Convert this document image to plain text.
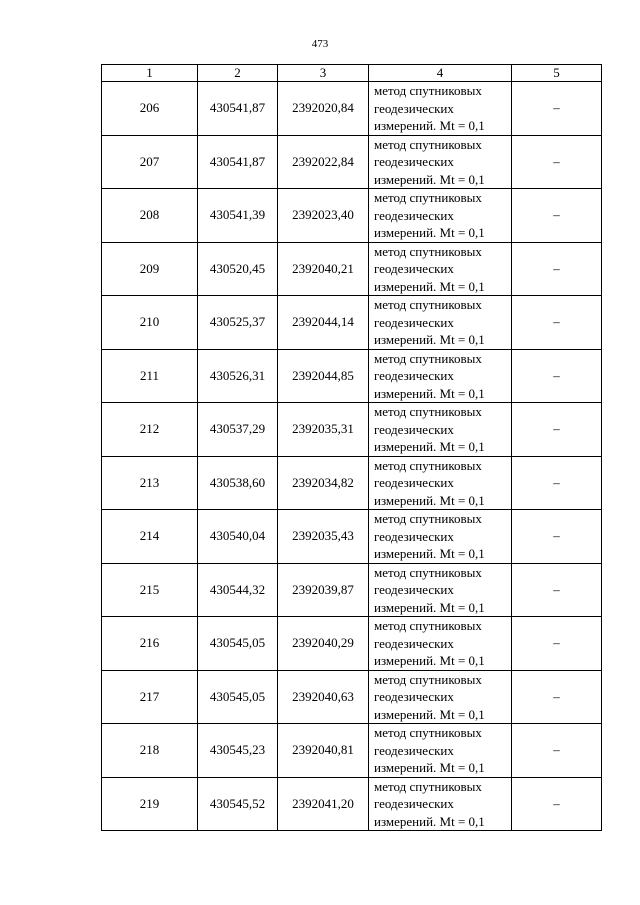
473
1	2	3	4	5
206	430541,87	2392020,84	метод спутниковых
геодезических
измерений. Mt = 0,1	–
207	430541,87	2392022,84	метод спутниковых
геодезических
измерений. Mt = 0,1	–
208	430541,39	2392023,40	метод спутниковых
геодезических
измерений. Mt = 0,1	–
209	430520,45	2392040,21	метод спутниковых
геодезических
измерений. Mt = 0,1	–
210	430525,37	2392044,14	метод спутниковых
геодезических
измерений. Mt = 0,1	–
211	430526,31	2392044,85	метод спутниковых
геодезических
измерений. Mt = 0,1	–
212	430537,29	2392035,31	метод спутниковых
геодезических
измерений. Mt = 0,1	–
213	430538,60	2392034,82	метод спутниковых
геодезических
измерений. Mt = 0,1	–
214	430540,04	2392035,43	метод спутниковых
геодезических
измерений. Mt = 0,1	–
215	430544,32	2392039,87	метод спутниковых
геодезических
измерений. Mt = 0,1	–
216	430545,05	2392040,29	метод спутниковых
геодезических
измерений. Mt = 0,1	–
217	430545,05	2392040,63	метод спутниковых
геодезических
измерений. Mt = 0,1	–
218	430545,23	2392040,81	метод спутниковых
геодезических
измерений. Mt = 0,1	–
219	430545,52	2392041,20	метод спутниковых
геодезических
измерений. Mt = 0,1	–
